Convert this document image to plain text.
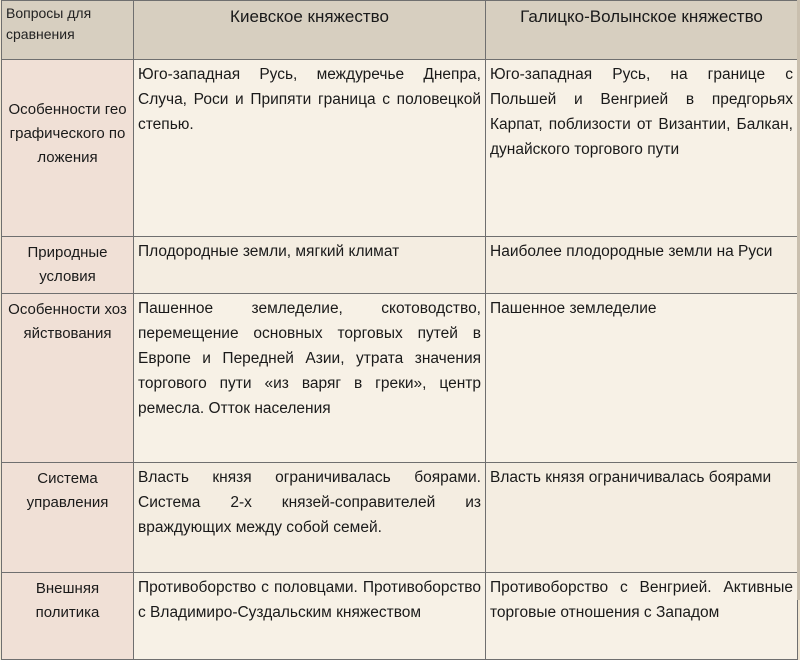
Вопросы для сравнения	Киевское княжество	Галицко-Волынское княжество
Особенности географического положения	Юго-западная Русь, междуречье Днепра, Случа, Роси и Припяти граница с половецкой степью.	Юго-западная Русь, на границе с Польшей и Венгрией в предгорьях Карпат, поблизости от Византии, Балкан, дунайского торгового пути
Природные условия	Плодородные земли, мягкий климат	Наиболее плодородные земли на Руси
Особенности хозяйствования	Пашенное земледелие, скотоводство, перемещение основных торговых путей в Европе и Передней Азии, утрата значения торгового пути «из варяг в греки», центр ремесла. Отток населения	Пашенное земледелие
Система управления	Власть князя ограничивалась боярами. Система 2-х князей-соправителей из враждующих между собой семей.	Власть князя ограничивалась боярами
Внешняя политика	Противоборство с половцами. Противоборство с Владимиро-Суздальским княжеством	Противоборство с Венгрией. Активные торговые отношения с Западом
